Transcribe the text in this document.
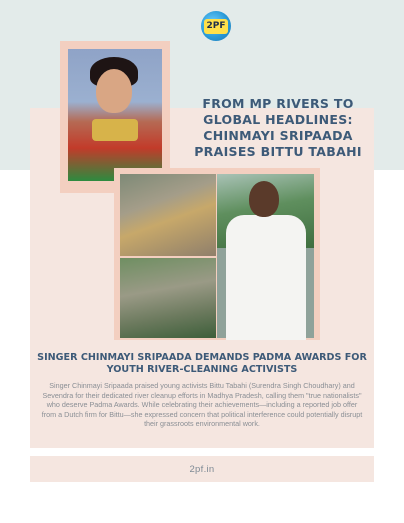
2PF
FROM MP RIVERS TO GLOBAL HEADLINES: CHINMAYI SRIPAADA PRAISES BITTU TABAHI
SINGER CHINMAYI SRIPAADA DEMANDS PADMA AWARDS FOR YOUTH RIVER-CLEANING ACTIVISTS

Singer Chinmayi Sripaada praised young activists Bittu Tabahi (Surendra Singh Choudhary) and Sevendra for their dedicated river cleanup efforts in Madhya Pradesh, calling them "true nationalists" who deserve Padma Awards. While celebrating their achievements—including a reported job offer from a Dutch firm for Bittu—she expressed concern that political interference could potentially disrupt their grassroots environmental work.

2pf.in
